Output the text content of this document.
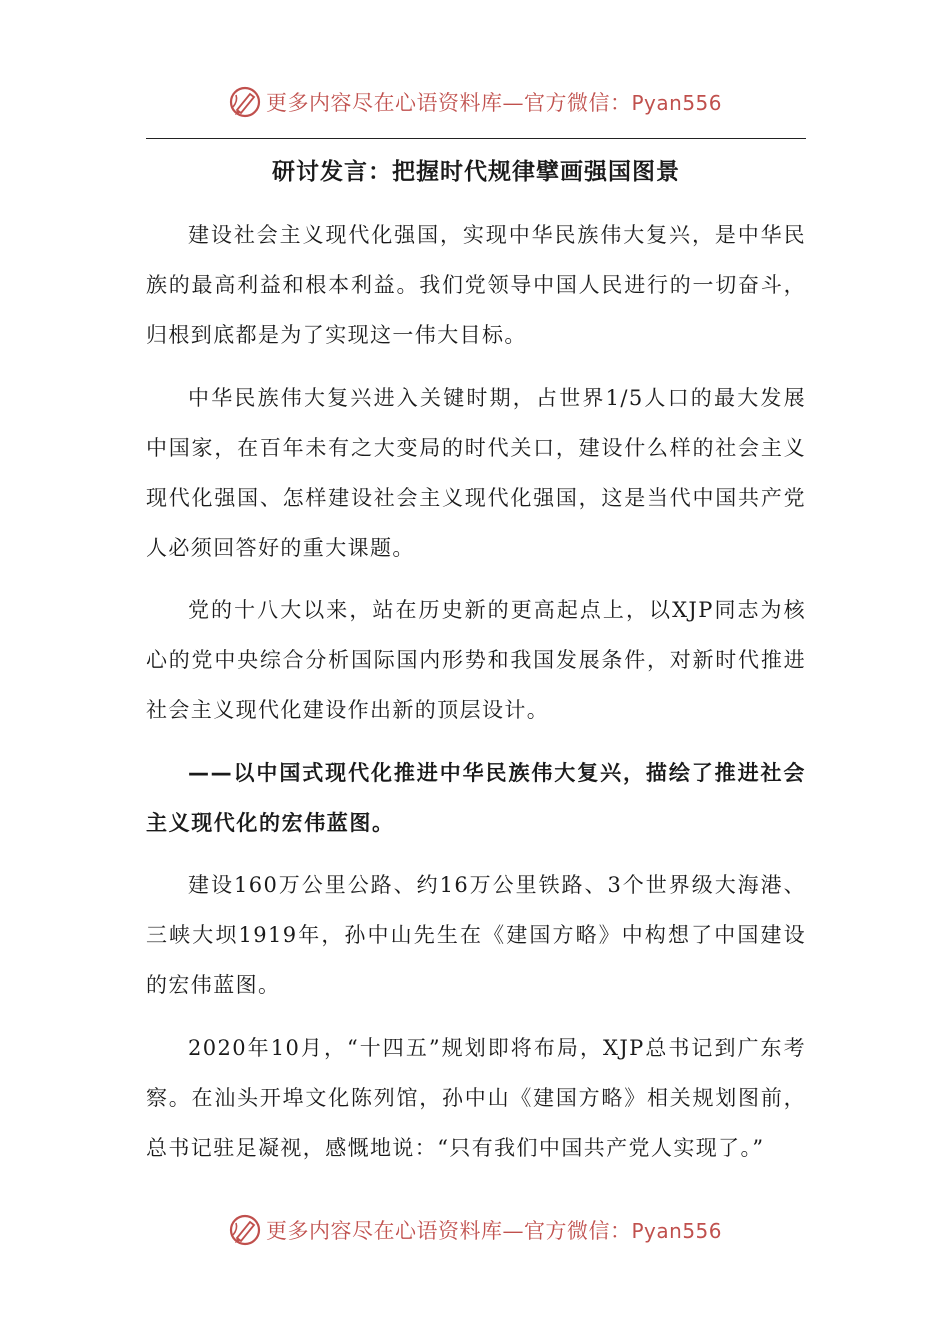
更多内容尽在心语资料库—官方微信：Pyan556
研讨发言：把握时代规律擘画强国图景

建设社会主义现代化强国，实现中华民族伟大复兴，是中华民族的最高利益和根本利益。我们党领导中国人民进行的一切奋斗，归根到底都是为了实现这一伟大目标。

中华民族伟大复兴进入关键时期，占世界1/5人口的最大发展中国家，在百年未有之大变局的时代关口，建设什么样的社会主义现代化强国、怎样建设社会主义现代化强国，这是当代中国共产党人必须回答好的重大课题。

党的十八大以来，站在历史新的更高起点上，以XJP同志为核心的党中央综合分析国际国内形势和我国发展条件，对新时代推进社会主义现代化建设作出新的顶层设计。

——以中国式现代化推进中华民族伟大复兴，描绘了推进社会主义现代化的宏伟蓝图。

建设160万公里公路、约16万公里铁路、3个世界级大海港、三峡大坝1919年，孙中山先生在《建国方略》中构想了中国建设的宏伟蓝图。

2020年10月，“十四五”规划即将布局，XJP总书记到广东考察。在汕头开埠文化陈列馆，孙中山《建国方略》相关规划图前，总书记驻足凝视，感慨地说：“只有我们中国共产党人实现了。”

更多内容尽在心语资料库—官方微信：Pyan556
